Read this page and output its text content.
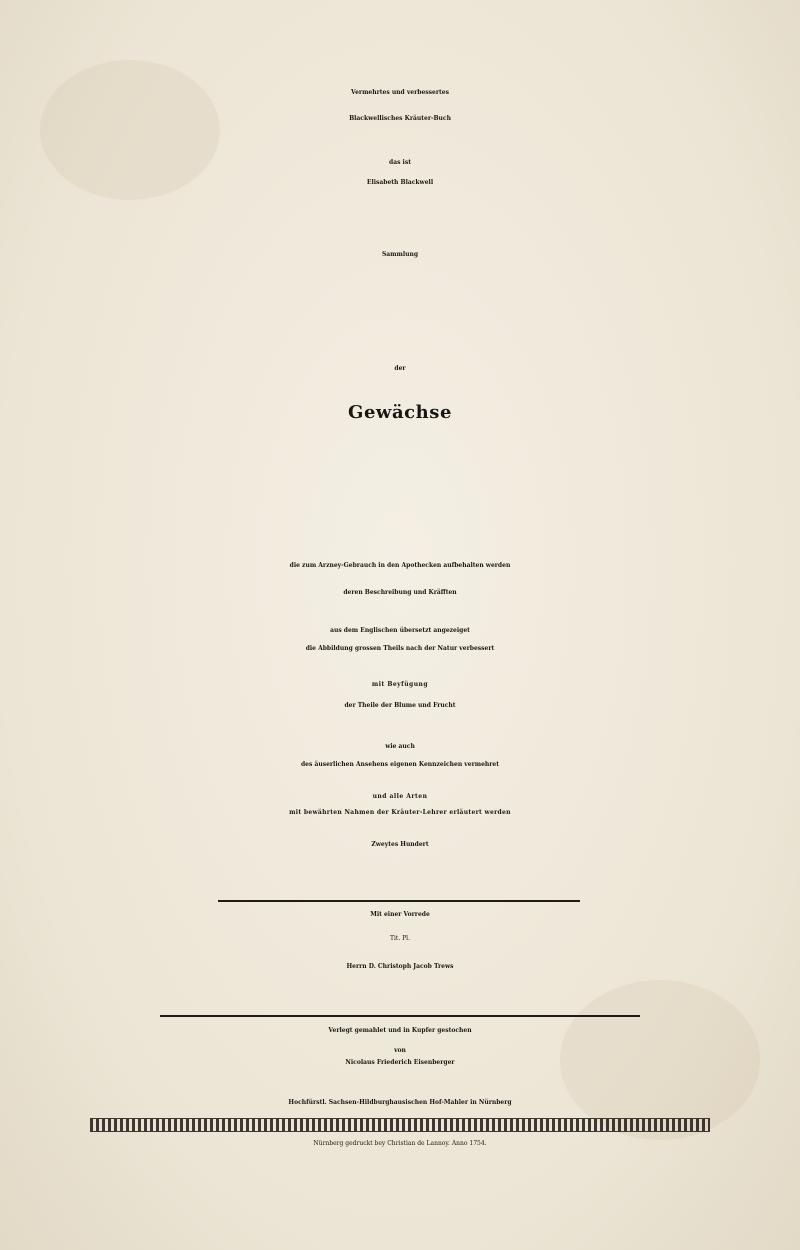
Vermehrtes und verbessertes
Blackwellisches Kräuter-Buch
das ist
Elisabeth Blackwell
Sammlung
der
Gewächse
die zum Arzney-Gebrauch in den Apothecken aufbehalten werden
deren Beschreibung und Kräfften
aus dem Englischen übersetzt angezeiget
die Abbildung grossen Theils nach der Natur verbessert
mit Beyfügung
der Theile der Blume und Frucht
wie auch
des äuserlichen Ansehens eigenen Kennzeichen vermehret
und alle Arten
mit bewährten Nahmen der Kräuter-Lehrer erläutert werden
Zweytes Hundert
Mit einer Vorrede
Tit. Pl.
Herrn D. Christoph Jacob Trews
Verlegt gemahlet und in Kupfer gestochen
von
Nicolaus Friederich Eisenberger
Hochfürstl. Sachsen-Hildburghausischen Hof-Mahler in Nürnberg
Nürnberg gedruckt bey Christian de Lannoy. Anno 1754.
